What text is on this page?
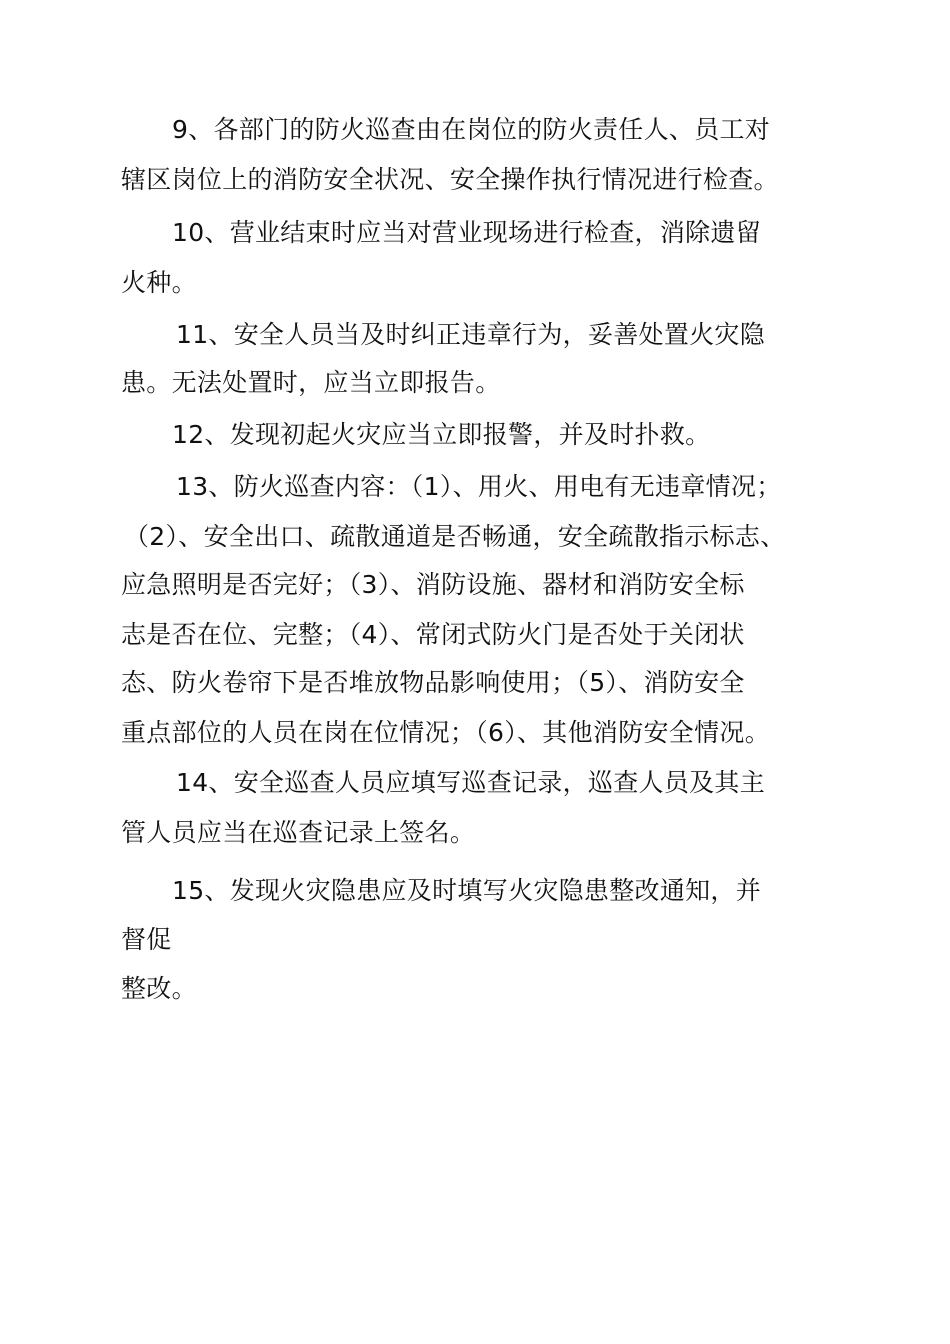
9、各部门的防火巡查由在岗位的防火责任人、员工对
辖区岗位上的消防安全状况、安全操作执行情况进行检查。
10、营业结束时应当对营业现场进行检查，消除遗留
火种。
11、安全人员当及时纠正违章行为，妥善处置火灾隐
患。无法处置时，应当立即报告。
12、发现初起火灾应当立即报警，并及时扑救。
13、防火巡查内容：（1）、用火、用电有无违章情况；
（2）、安全出口、疏散通道是否畅通，安全疏散指示标志、
应急照明是否完好；（3）、消防设施、器材和消防安全标
志是否在位、完整；（4）、常闭式防火门是否处于关闭状
态、防火卷帘下是否堆放物品影响使用；（5）、消防安全
重点部位的人员在岗在位情况；（6）、其他消防安全情况。
14、安全巡查人员应填写巡查记录，巡查人员及其主
管人员应当在巡查记录上签名。
15、发现火灾隐患应及时填写火灾隐患整改通知，并
督促
整改。
